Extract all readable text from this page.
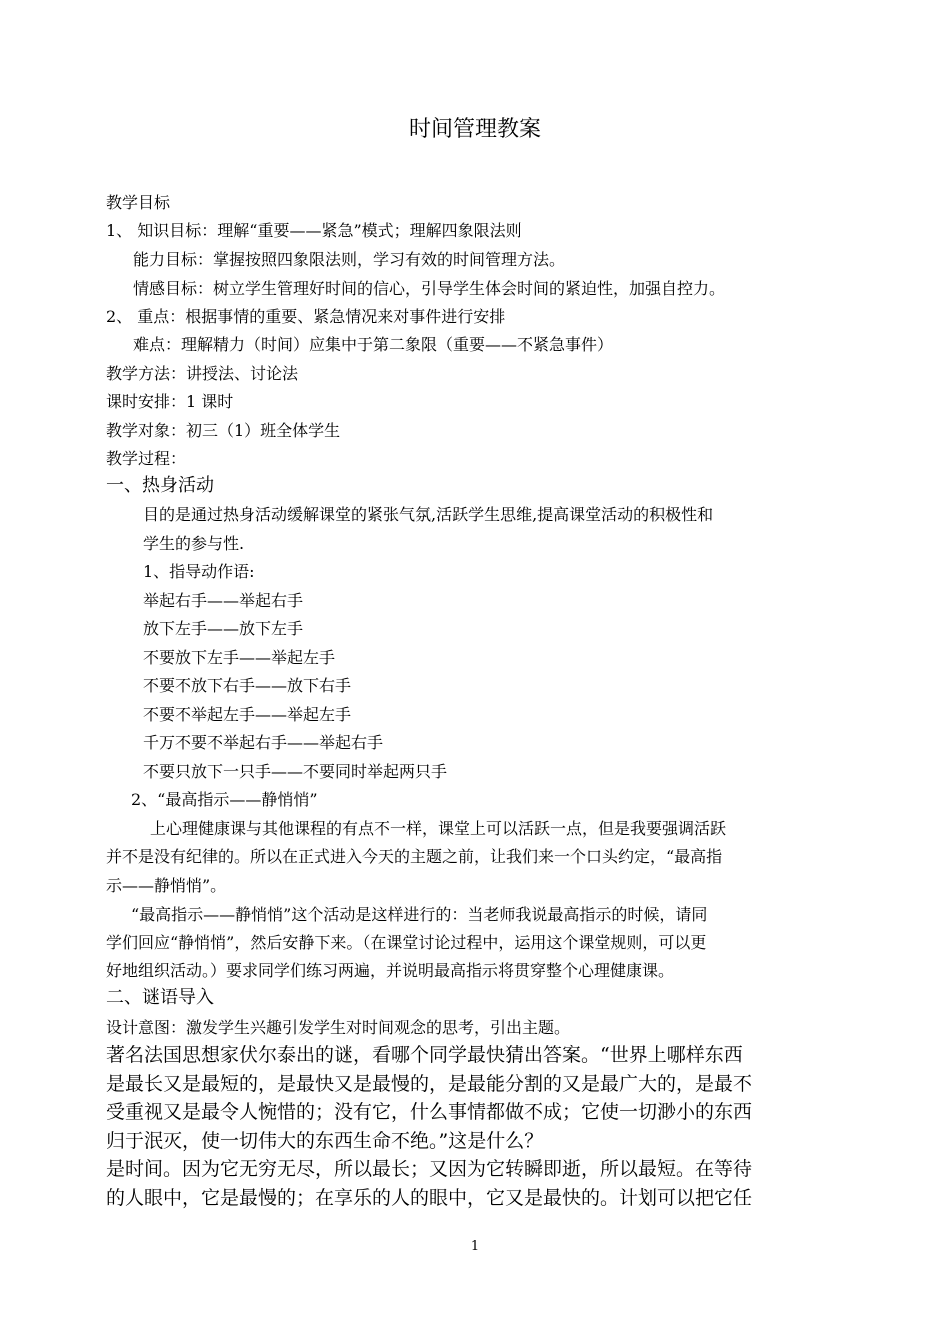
时间管理教案
教学目标
1、 知识目标：理解“重要——紧急”模式；理解四象限法则
能力目标：掌握按照四象限法则，学习有效的时间管理方法。
情感目标：树立学生管理好时间的信心，引导学生体会时间的紧迫性，加强自控力。
2、 重点：根据事情的重要、紧急情况来对事件进行安排
难点：理解精力（时间）应集中于第二象限（重要——不紧急事件）
教学方法：讲授法、讨论法
课时安排：1 课时
教学对象：初三（1）班全体学生
教学过程：
一、热身活动
目的是通过热身活动缓解课堂的紧张气氛,活跃学生思维,提高课堂活动的积极性和
学生的参与性.
1、指导动作语:
举起右手——举起右手
放下左手——放下左手
不要放下左手——举起左手
不要不放下右手——放下右手
不要不举起左手——举起左手
千万不要不举起右手——举起右手
不要只放下一只手——不要同时举起两只手
2、“最高指示——静悄悄”
上心理健康课与其他课程的有点不一样，课堂上可以活跃一点，但是我要强调活跃
并不是没有纪律的。所以在正式进入今天的主题之前，让我们来一个口头约定，“最高指
示——静悄悄”。
“最高指示——静悄悄”这个活动是这样进行的：当老师我说最高指示的时候，请同
学们回应“静悄悄”，然后安静下来。（在课堂讨论过程中，运用这个课堂规则，可以更
好地组织活动。）要求同学们练习两遍，并说明最高指示将贯穿整个心理健康课。
二、谜语导入
设计意图：激发学生兴趣引发学生对时间观念的思考，引出主题。
著名法国思想家伏尔泰出的谜，看哪个同学最快猜出答案。“世界上哪样东西
是最长又是最短的，是最快又是最慢的，是最能分割的又是最广大的，是最不
受重视又是最令人惋惜的；没有它，什么事情都做不成；它使一切渺小的东西
归于泯灭，使一切伟大的东西生命不绝。”这是什么？
是时间。因为它无穷无尽，所以最长；又因为它转瞬即逝，所以最短。在等待
的人眼中，它是最慢的；在享乐的人的眼中，它又是最快的。计划可以把它任
1
